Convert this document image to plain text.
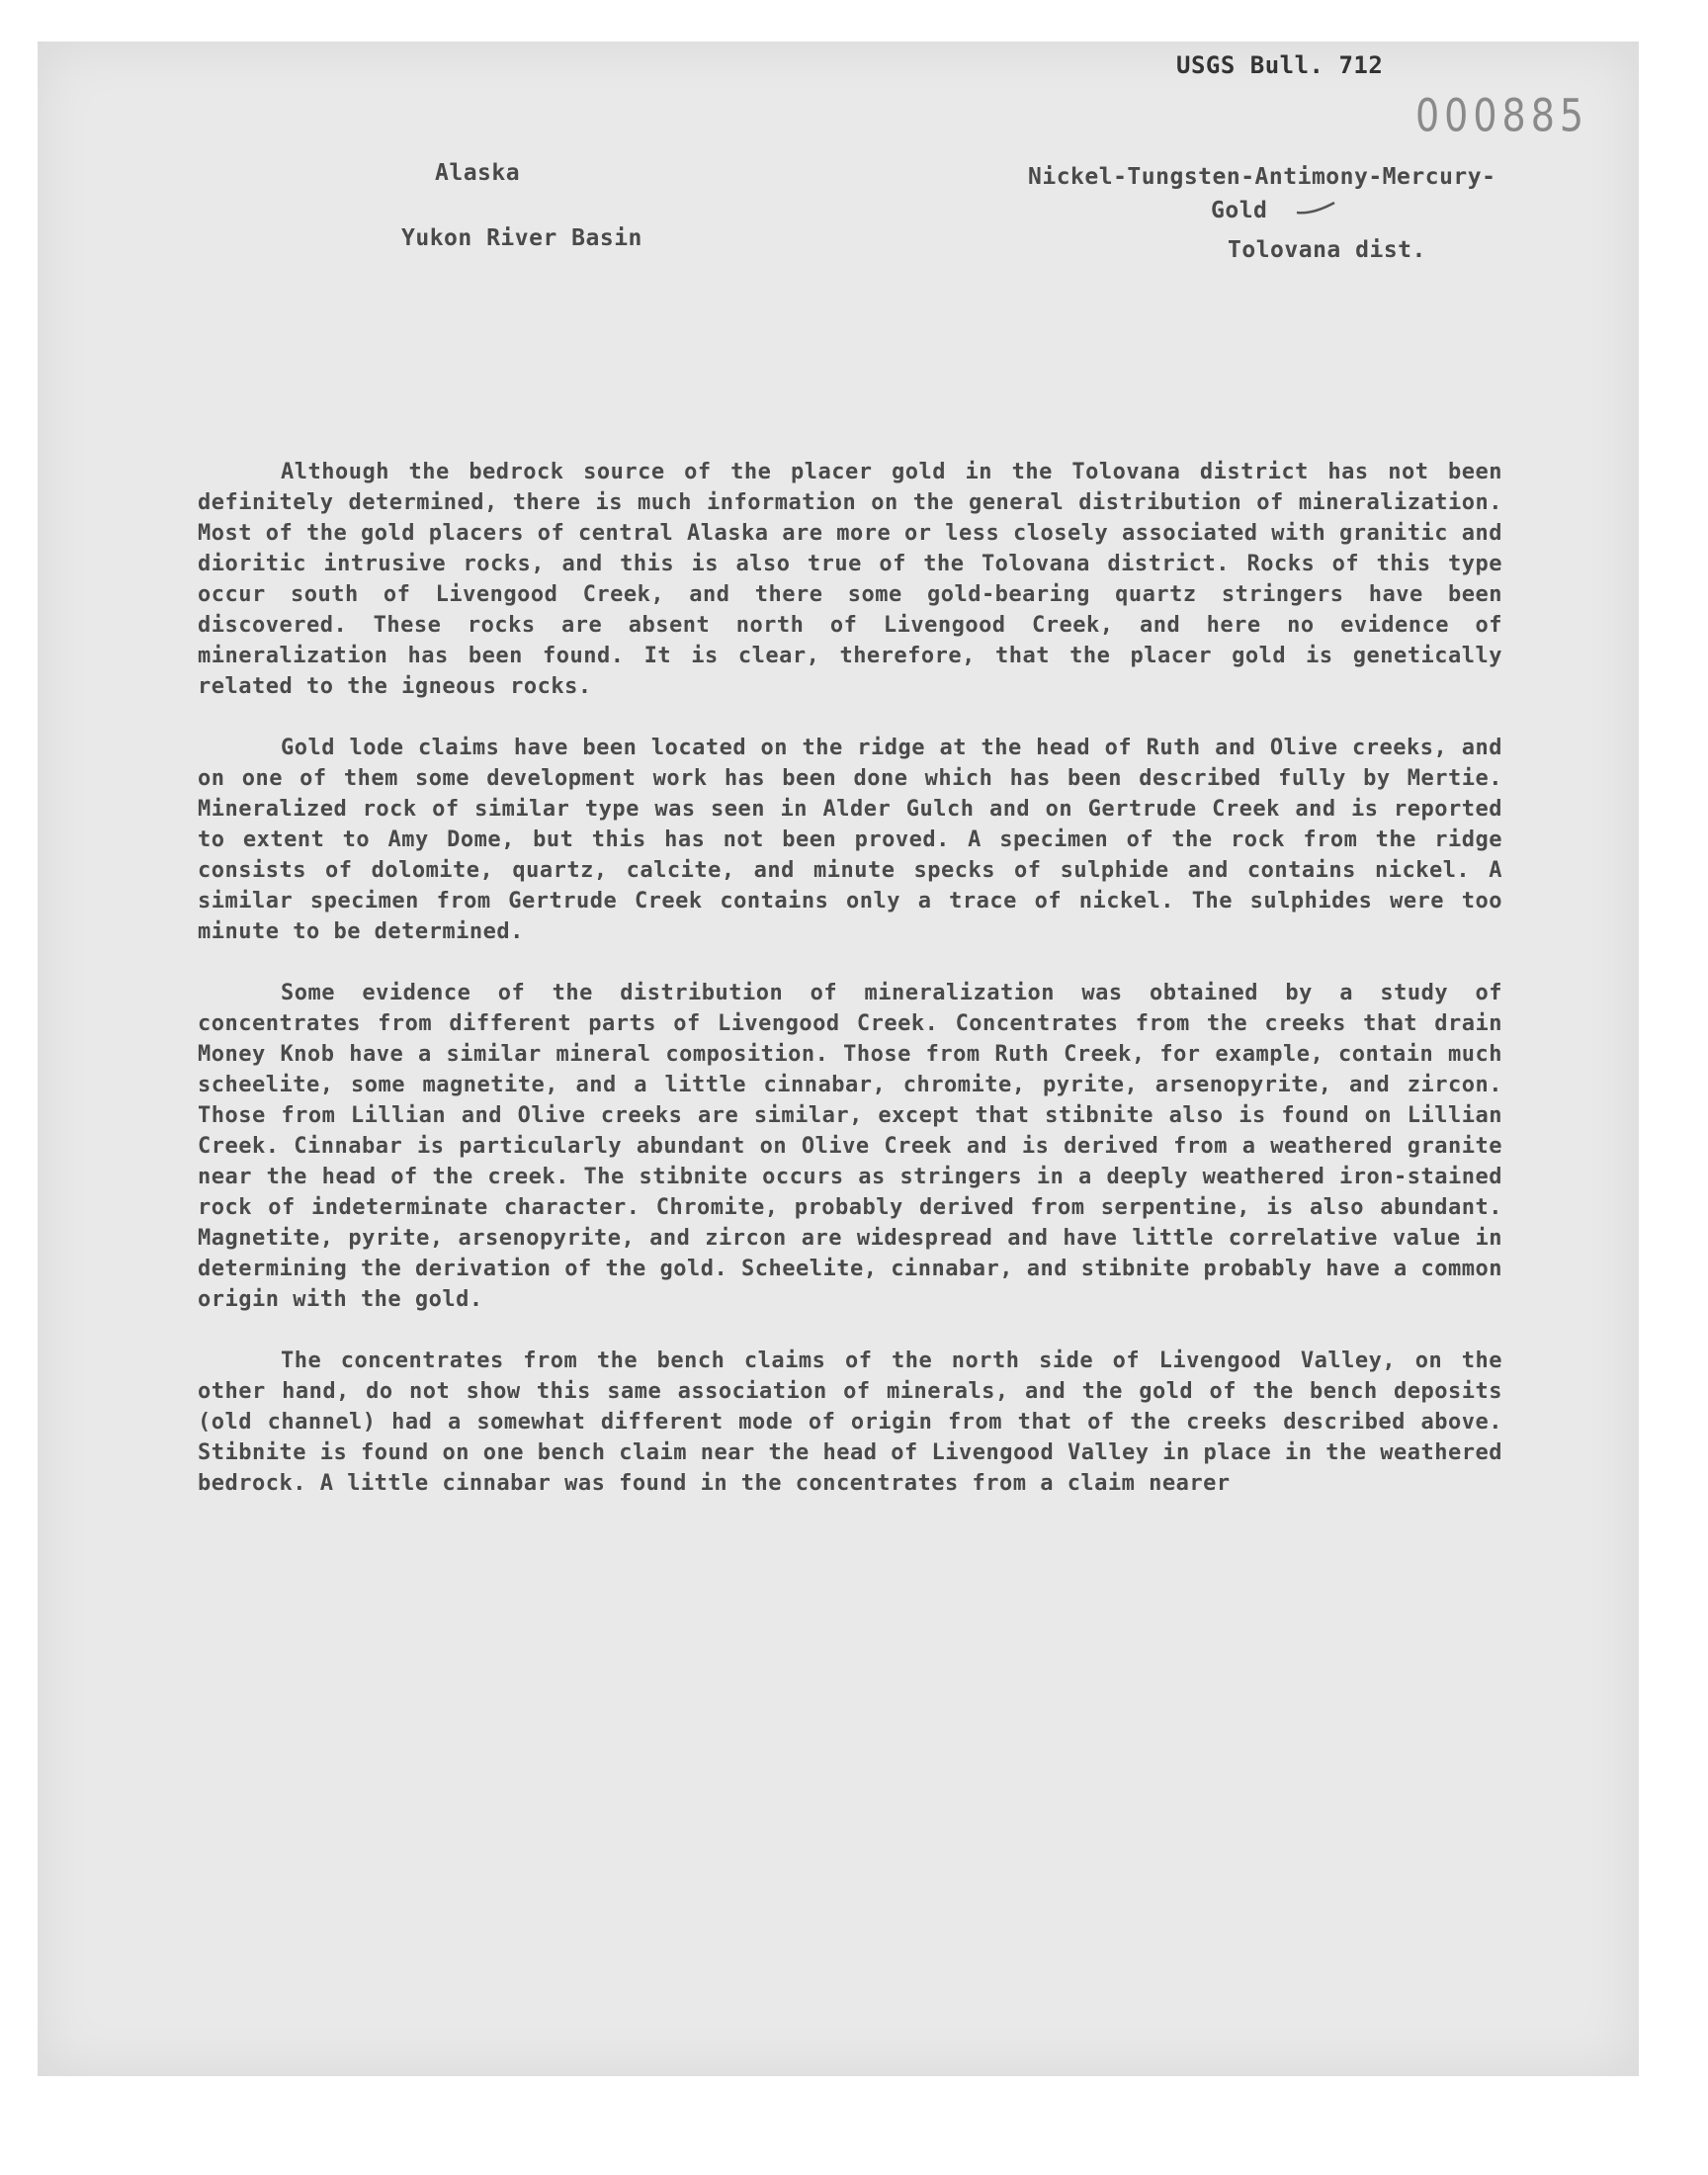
USGS Bull. 712
000885
Alaska
Yukon River Basin
Nickel-Tungsten-Antimony-Mercury-
Gold
Tolovana dist.

Although the bedrock source of the placer gold in the Tolovana district has not been definitely determined, there is much information on the general distribution of mineralization. Most of the gold placers of central Alaska are more or less closely associated with granitic and dioritic intrusive rocks, and this is also true of the Tolovana district. Rocks of this type occur south of Livengood Creek, and there some gold-bearing quartz stringers have been discovered. These rocks are absent north of Livengood Creek, and here no evidence of mineralization has been found. It is clear, therefore, that the placer gold is genetically related to the igneous rocks.

Gold lode claims have been located on the ridge at the head of Ruth and Olive creeks, and on one of them some development work has been done which has been described fully by Mertie. Mineralized rock of similar type was seen in Alder Gulch and on Gertrude Creek and is reported to extent to Amy Dome, but this has not been proved. A specimen of the rock from the ridge consists of dolomite, quartz, calcite, and minute specks of sulphide and contains nickel. A similar specimen from Gertrude Creek contains only a trace of nickel. The sulphides were too minute to be determined.

Some evidence of the distribution of mineralization was obtained by a study of concentrates from different parts of Livengood Creek. Concentrates from the creeks that drain Money Knob have a similar mineral composition. Those from Ruth Creek, for example, contain much scheelite, some magnetite, and a little cinnabar, chromite, pyrite, arsenopyrite, and zircon. Those from Lillian and Olive creeks are similar, except that stibnite also is found on Lillian Creek. Cinnabar is particularly abundant on Olive Creek and is derived from a weathered granite near the head of the creek. The stibnite occurs as stringers in a deeply weathered iron-stained rock of indeterminate character. Chromite, probably derived from serpentine, is also abundant. Magnetite, pyrite, arsenopyrite, and zircon are widespread and have little correlative value in determining the derivation of the gold. Scheelite, cinnabar, and stibnite probably have a common origin with the gold.

The concentrates from the bench claims of the north side of Livengood Valley, on the other hand, do not show this same association of minerals, and the gold of the bench deposits (old channel) had a somewhat different mode of origin from that of the creeks described above. Stibnite is found on one bench claim near the head of Livengood Valley in place in the weathered bedrock. A little cinnabar was found in the concentrates from a claim nearer
